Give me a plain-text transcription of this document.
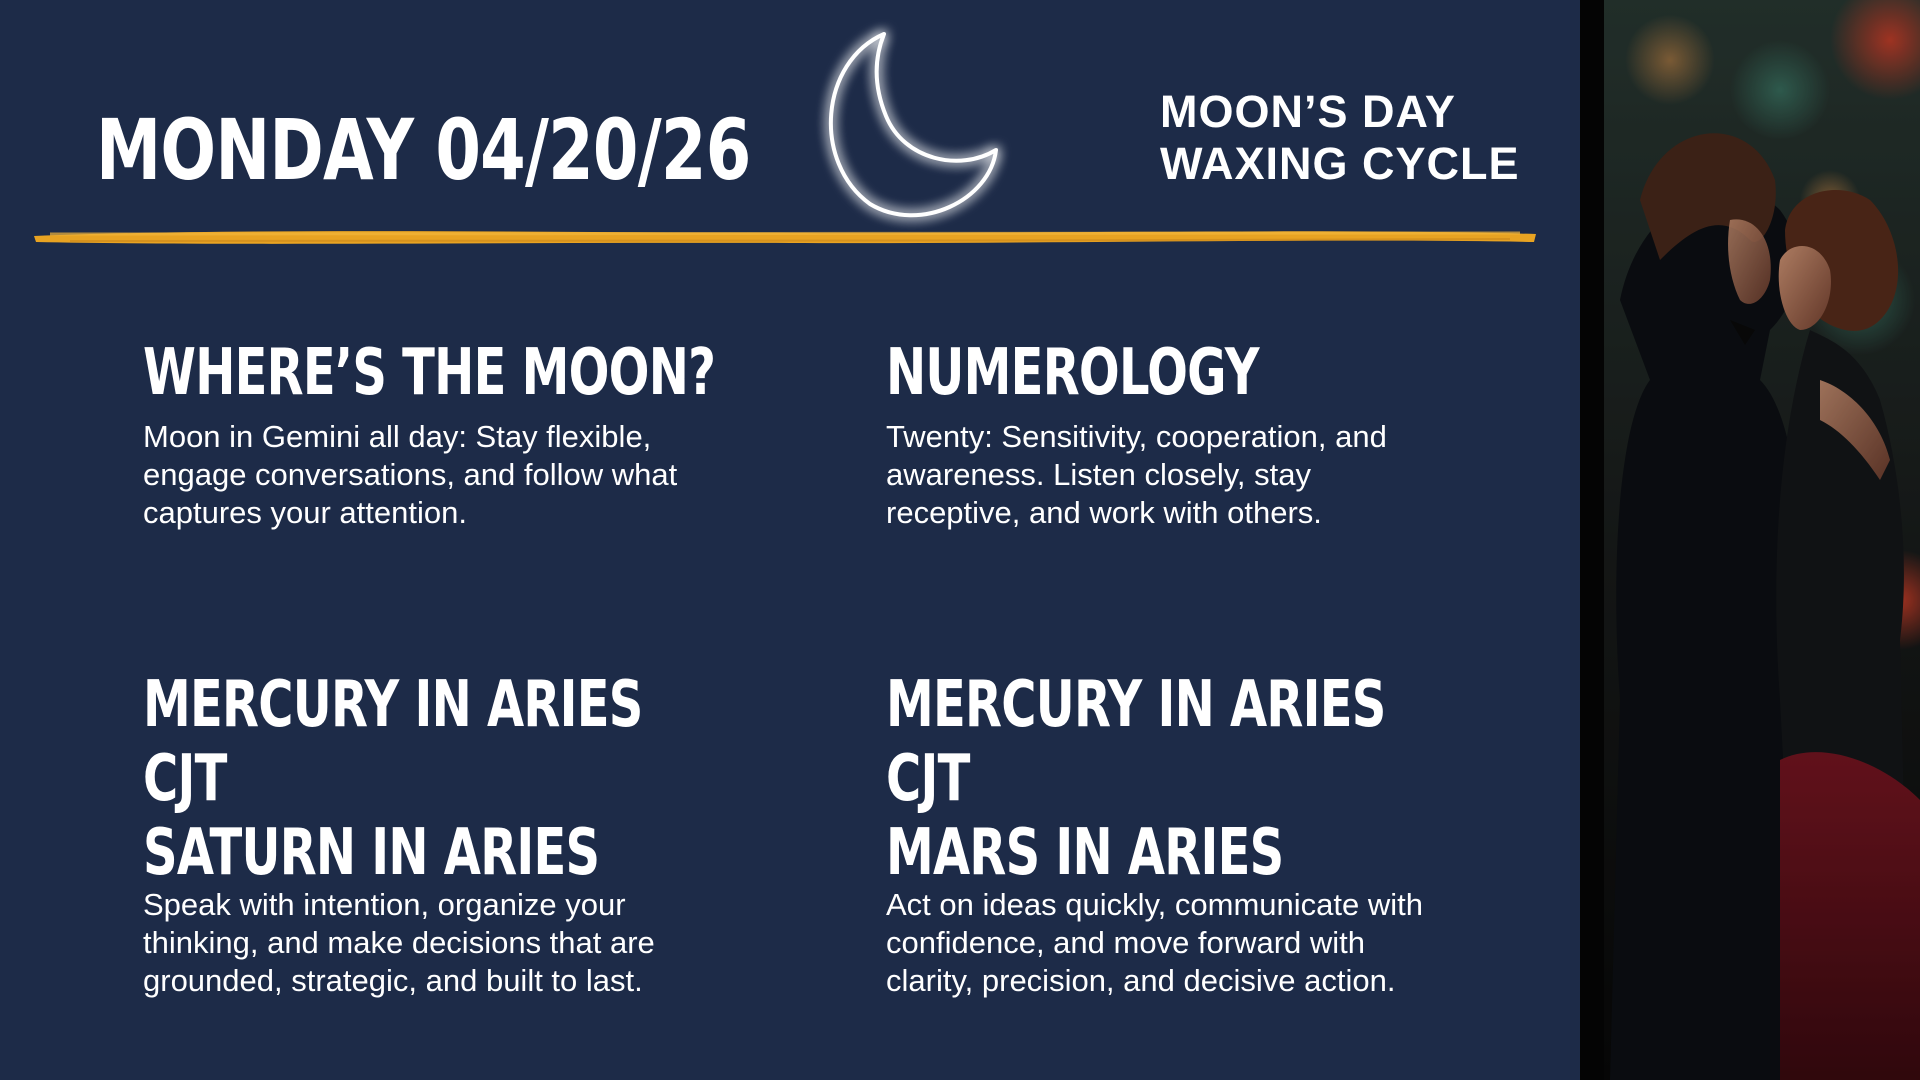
MONDAY 04/20/26	MOON’S DAY
WAXING CYCLE
WHERE’S THE MOON?

Moon in Gemini all day: Stay flexible, engage conversations, and follow what captures your attention.

NUMEROLOGY

Twenty: Sensitivity, cooperation, and awareness. Listen closely, stay receptive, and work with others.

MERCURY IN ARIES CJT
SATURN IN ARIES

Speak with intention, organize your thinking, and make decisions that are grounded, strategic, and built to last.

MERCURY IN ARIES CJT
MARS IN ARIES

Act on ideas quickly, communicate with confidence, and move forward with clarity, precision, and decisive action.
